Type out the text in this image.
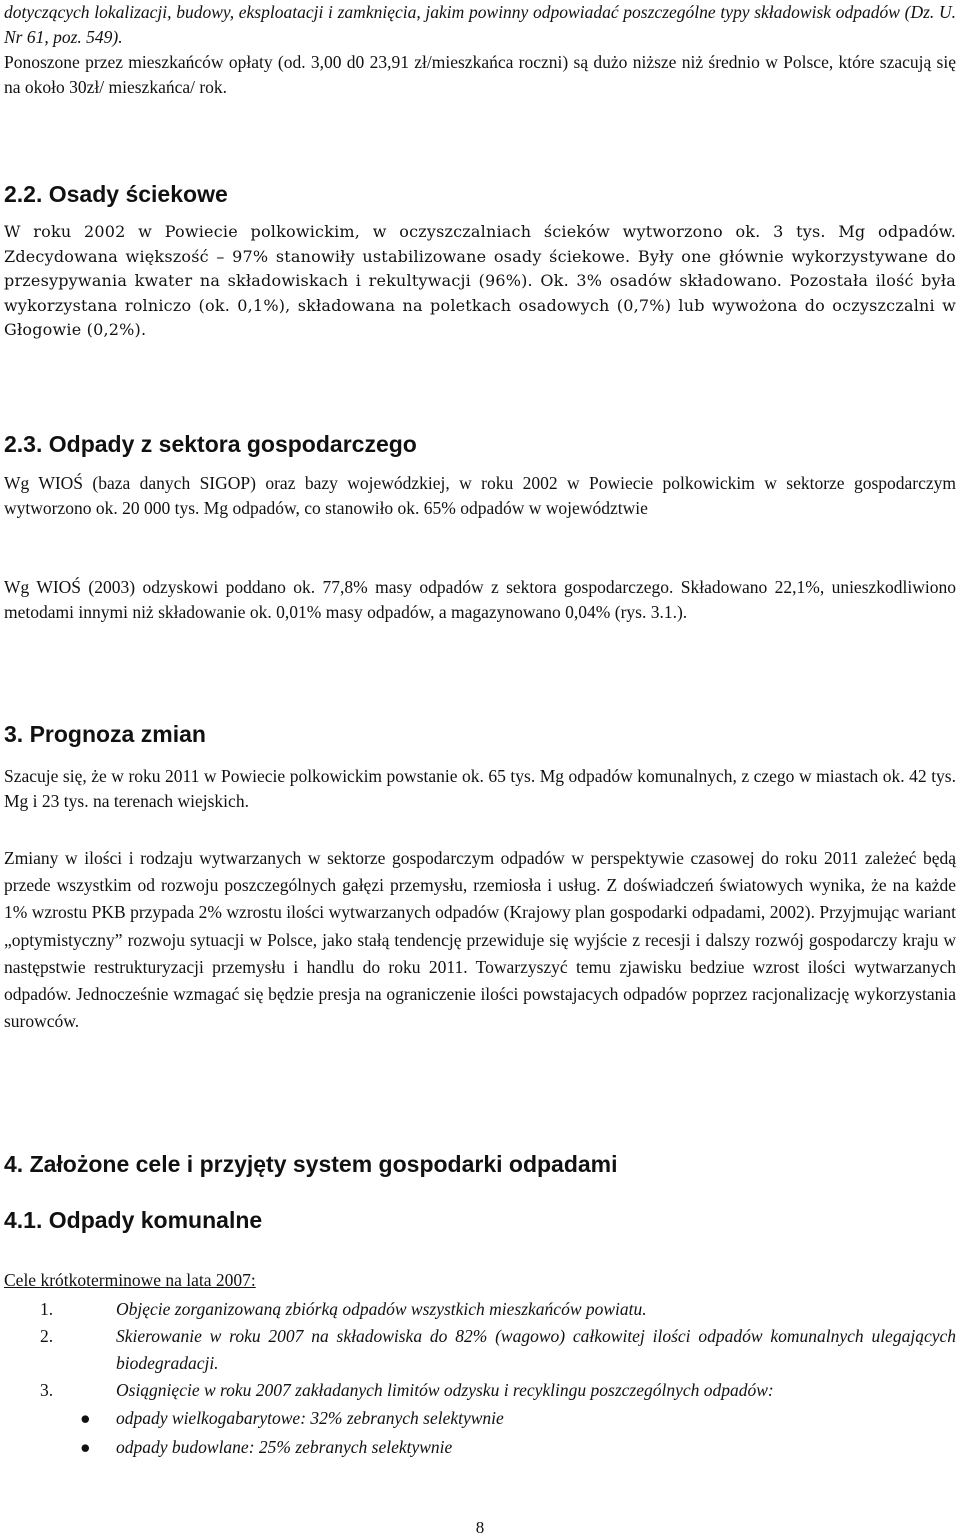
dotyczących lokalizacji, budowy, eksploatacji i zamknięcia, jakim powinny odpowiadać poszczególne typy składowisk odpadów (Dz. U. Nr 61, poz. 549).

Ponoszone przez mieszkańców opłaty (od. 3,00 d0 23,91 zł/mieszkańca roczni) są dużo niższe niż średnio w Polsce, które szacują się na około 30zł/ mieszkańca/ rok.

2.2. Osady ściekowe

W roku 2002 w Powiecie polkowickim, w oczyszczalniach ścieków wytworzono ok. 3 tys. Mg odpadów. Zdecydowana większość – 97% stanowiły ustabilizowane osady ściekowe. Były one głównie wykorzystywane do przesypywania kwater na składowiskach i rekultywacji (96%). Ok. 3% osadów składowano. Pozostała ilość była wykorzystana rolniczo (ok. 0,1%), składowana na poletkach osadowych (0,7%) lub wywożona do oczyszczalni w Głogowie (0,2%).

2.3. Odpady z sektora gospodarczego

Wg WIOŚ (baza danych SIGOP) oraz bazy wojewódzkiej, w roku 2002 w Powiecie polkowickim w sektorze gospodarczym wytworzono ok. 20 000 tys. Mg odpadów, co stanowiło ok. 65% odpadów w województwie

Wg WIOŚ (2003) odzyskowi poddano ok. 77,8% masy odpadów z sektora gospodarczego. Składowano 22,1%, unieszkodliwiono metodami innymi niż składowanie ok. 0,01% masy odpadów, a magazynowano 0,04% (rys. 3.1.).

3. Prognoza zmian

Szacuje się, że w roku 2011 w Powiecie polkowickim powstanie ok. 65 tys. Mg odpadów komunalnych, z czego w miastach ok. 42 tys. Mg i 23 tys. na terenach wiejskich.

Zmiany w ilości i rodzaju wytwarzanych w sektorze gospodarczym odpadów w perspektywie czasowej do roku 2011 zależeć będą przede wszystkim od rozwoju poszczególnych gałęzi przemysłu, rzemiosła i usług. Z doświadczeń światowych wynika, że na każde 1% wzrostu PKB przypada 2% wzrostu ilości wytwarzanych odpadów (Krajowy plan gospodarki odpadami, 2002). Przyjmując wariant „optymistyczny” rozwoju sytuacji w Polsce, jako stałą tendencję przewiduje się wyjście z recesji i dalszy rozwój gospodarczy kraju w następstwie restrukturyzacji przemysłu i handlu do roku 2011. Towarzyszyć temu zjawisku bedziue wzrost ilości wytwarzanych odpadów. Jednocześnie wzmagać się będzie presja na ograniczenie ilości powstajacych odpadów poprzez racjonalizację wykorzystania surowców.

4. Założone cele i przyjęty system gospodarki odpadami
4.1. Odpady komunalne

Cele krótkoterminowe na lata 2007:

1.	Objęcie zorganizowaną zbiórką odpadów wszystkich mieszkańców powiatu.
2.	Skierowanie w roku 2007 na składowiska do 82% (wagowo) całkowitej ilości odpadów komunalnych ulegających biodegradacji.
3.	Osiągnięcie w roku 2007 zakładanych limitów odzysku i recyklingu poszczególnych odpadów:
● odpady wielkogabarytowe: 32% zebranych selektywnie
● odpady budowlane: 25% zebranych selektywnie
8
